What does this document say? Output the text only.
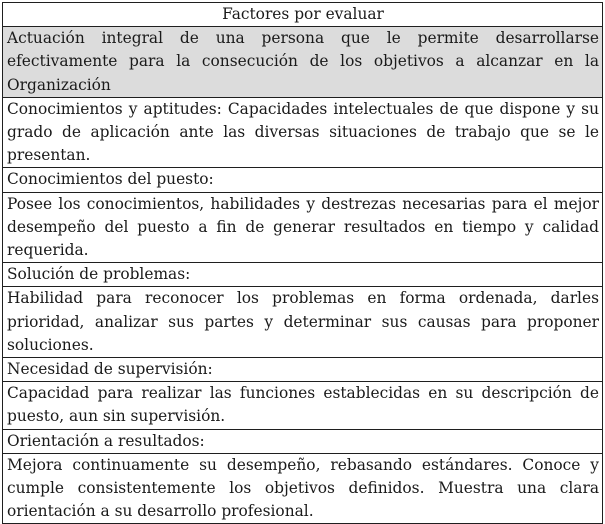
Factores por evaluar
Actuación integral de una persona que le permite desarrollarse efectivamente para la consecución de los objetivos a alcanzar en la Organización
Conocimientos y aptitudes: Capacidades intelectuales de que dispone y su grado de aplicación ante las diversas situaciones de trabajo que se le presentan.
Conocimientos del puesto:
Posee los conocimientos, habilidades y destrezas necesarias para el mejor desempeño del puesto a fin de generar resultados en tiempo y calidad requerida.
Solución de problemas:
Habilidad para reconocer los problemas en forma ordenada, darles prioridad, analizar sus partes y determinar sus causas para proponer soluciones.
Necesidad de supervisión:
Capacidad para realizar las funciones establecidas en su descripción de puesto, aun sin supervisión.
Orientación a resultados:
Mejora continuamente su desempeño, rebasando estándares. Conoce y cumple consistentemente los objetivos definidos. Muestra una clara orientación a su desarrollo profesional.
